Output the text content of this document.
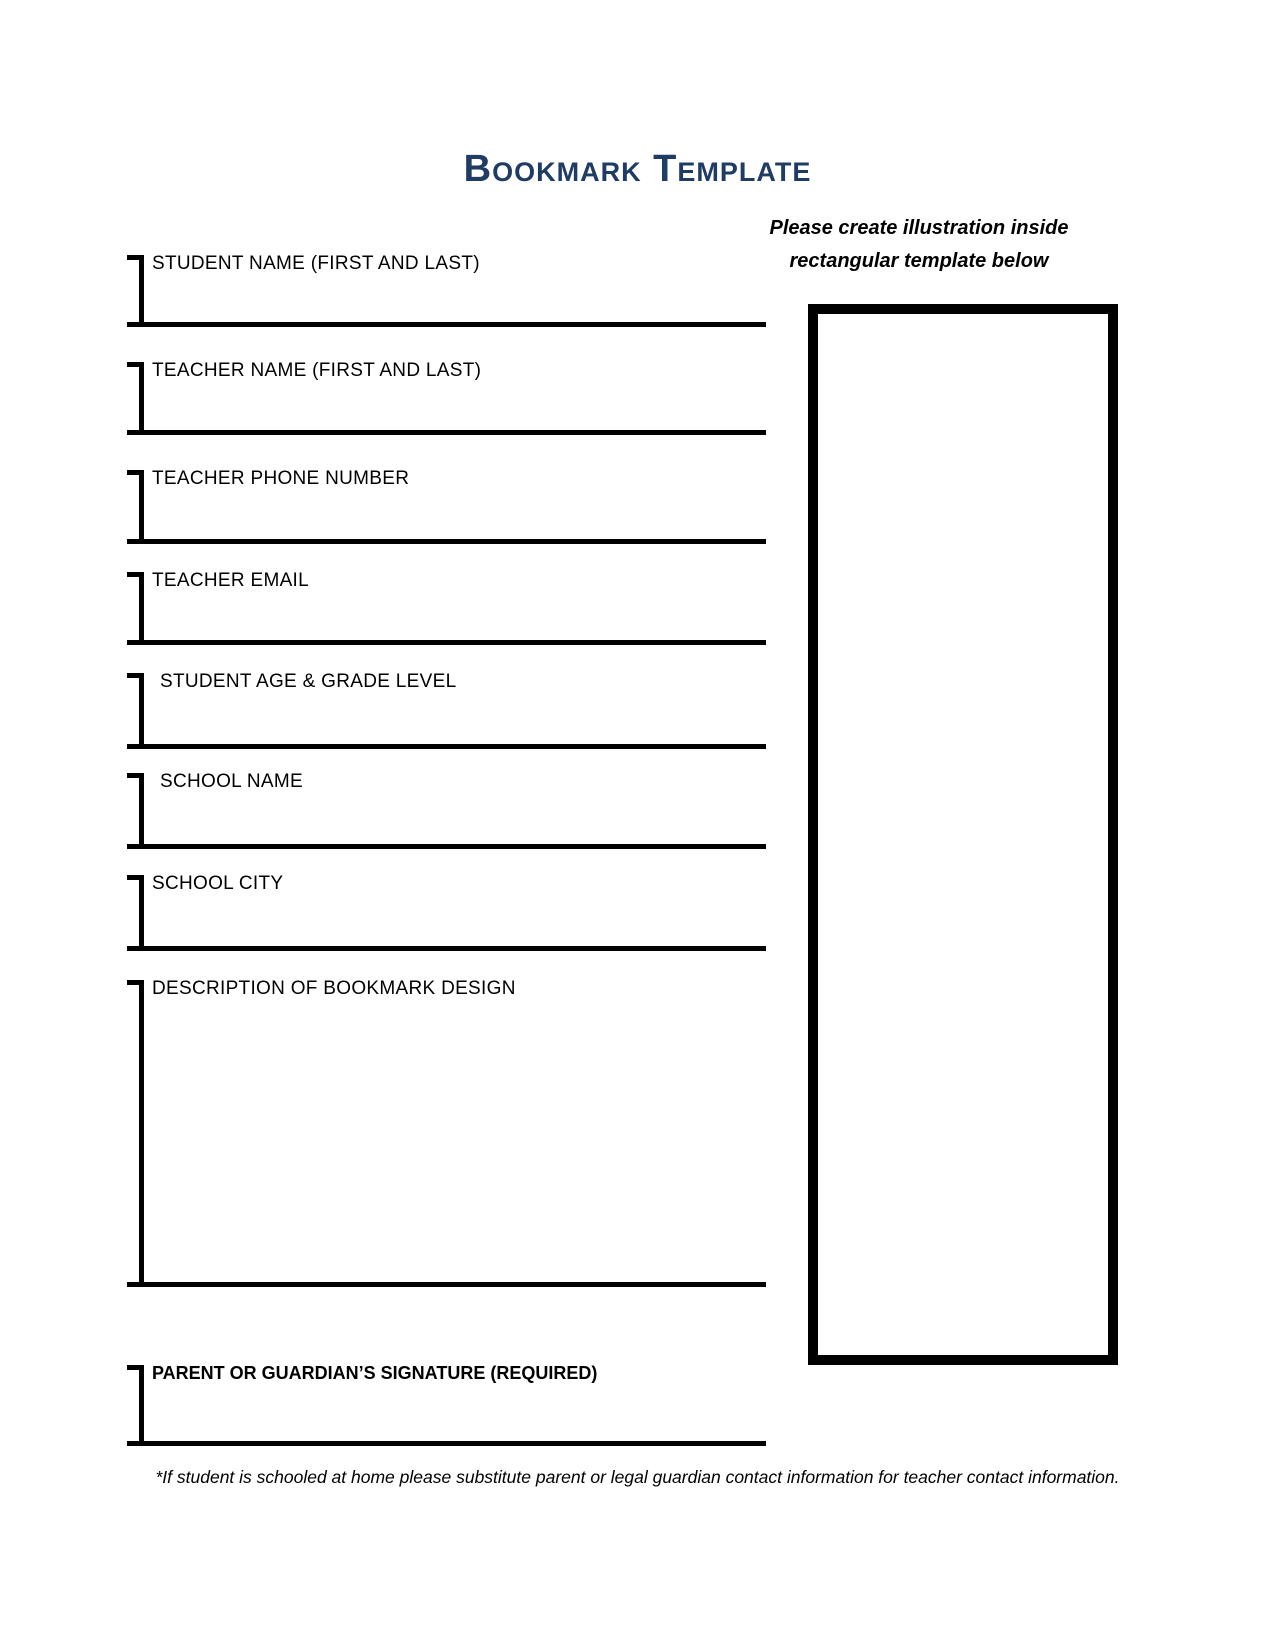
Bookmark Template
Please create illustration inside
rectangular template below
STUDENT NAME (FIRST AND LAST)
TEACHER NAME (FIRST AND LAST)
TEACHER PHONE NUMBER
TEACHER EMAIL
STUDENT AGE & GRADE LEVEL
SCHOOL NAME
SCHOOL CITY
DESCRIPTION OF BOOKMARK DESIGN
PARENT OR GUARDIAN’S SIGNATURE (REQUIRED)
*If student is schooled at home please substitute parent or legal guardian contact information for teacher contact information.
